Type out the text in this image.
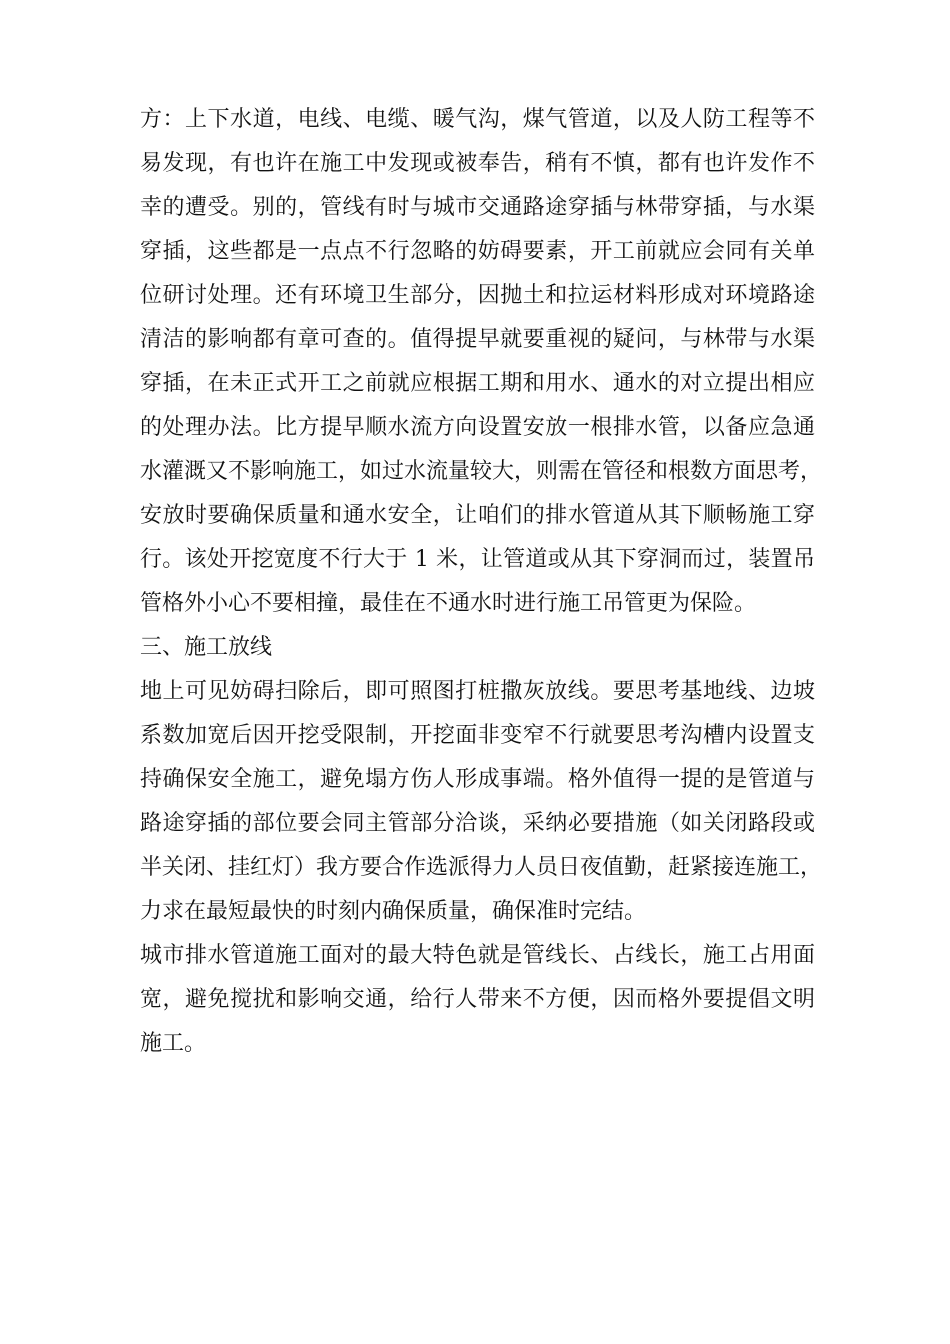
方：上下水道，电线、电缆、暖气沟，煤气管道，以及人防工程等不
易发现，有也许在施工中发现或被奉告，稍有不慎，都有也许发作不
幸的遭受。别的，管线有时与城市交通路途穿插与林带穿插，与水渠
穿插，这些都是一点点不行忽略的妨碍要素，开工前就应会同有关单
位研讨处理。还有环境卫生部分，因抛土和拉运材料形成对环境路途
清洁的影响都有章可查的。值得提早就要重视的疑问，与林带与水渠
穿插，在未正式开工之前就应根据工期和用水、通水的对立提出相应
的处理办法。比方提早顺水流方向设置安放一根排水管，以备应急通
水灌溉又不影响施工，如过水流量较大，则需在管径和根数方面思考，
安放时要确保质量和通水安全，让咱们的排水管道从其下顺畅施工穿
行。该处开挖宽度不行大于 1 米，让管道或从其下穿洞而过，装置吊
管格外小心不要相撞，最佳在不通水时进行施工吊管更为保险。
三、施工放线
地上可见妨碍扫除后，即可照图打桩撒灰放线。要思考基地线、边坡
系数加宽后因开挖受限制，开挖面非变窄不行就要思考沟槽内设置支
持确保安全施工，避免塌方伤人形成事端。格外值得一提的是管道与
路途穿插的部位要会同主管部分洽谈，采纳必要措施（如关闭路段或
半关闭、挂红灯）我方要合作选派得力人员日夜值勤，赶紧接连施工，
力求在最短最快的时刻内确保质量，确保准时完结。
城市排水管道施工面对的最大特色就是管线长、占线长，施工占用面
宽，避免搅扰和影响交通，给行人带来不方便，因而格外要提倡文明
施工。
